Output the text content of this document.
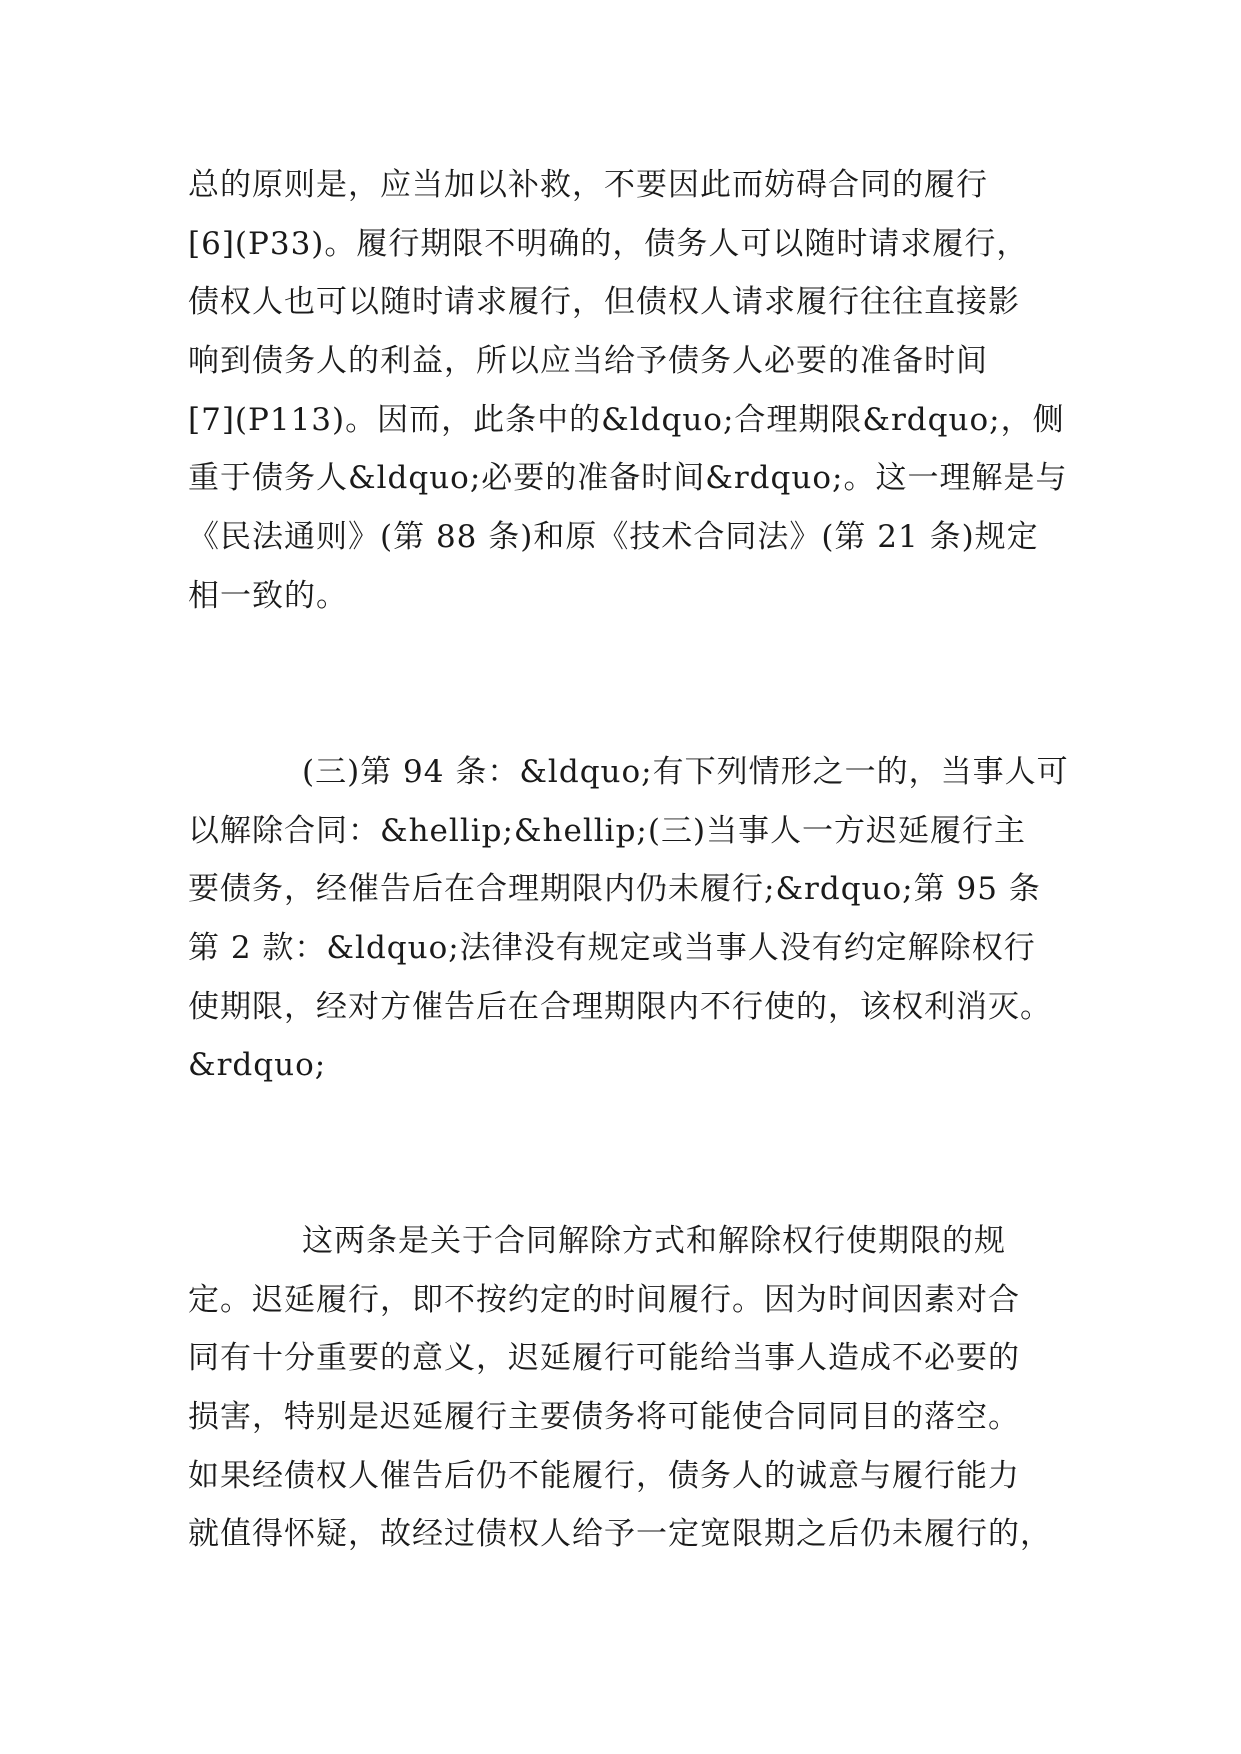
总的原则是，应当加以补救，不要因此而妨碍合同的履行
[6](P33)。履行期限不明确的，债务人可以随时请求履行，
债权人也可以随时请求履行，但债权人请求履行往往直接影
响到债务人的利益，所以应当给予债务人必要的准备时间
[7](P113)。因而，此条中的&ldquo;合理期限&rdquo;，侧
重于债务人&ldquo;必要的准备时间&rdquo;。这一理解是与
《民法通则》(第 88 条)和原《技术合同法》(第 21 条)规定
相一致的。
(三)第 94 条：&ldquo;有下列情形之一的，当事人可
以解除合同：&hellip;&hellip;(三)当事人一方迟延履行主
要债务，经催告后在合理期限内仍未履行;&rdquo;第 95 条
第 2 款：&ldquo;法律没有规定或当事人没有约定解除权行
使期限，经对方催告后在合理期限内不行使的，该权利消灭。
&rdquo;
这两条是关于合同解除方式和解除权行使期限的规
定。迟延履行，即不按约定的时间履行。因为时间因素对合
同有十分重要的意义，迟延履行可能给当事人造成不必要的
损害，特别是迟延履行主要债务将可能使合同同目的落空。
如果经债权人催告后仍不能履行，债务人的诚意与履行能力
就值得怀疑，故经过债权人给予一定宽限期之后仍未履行的，
